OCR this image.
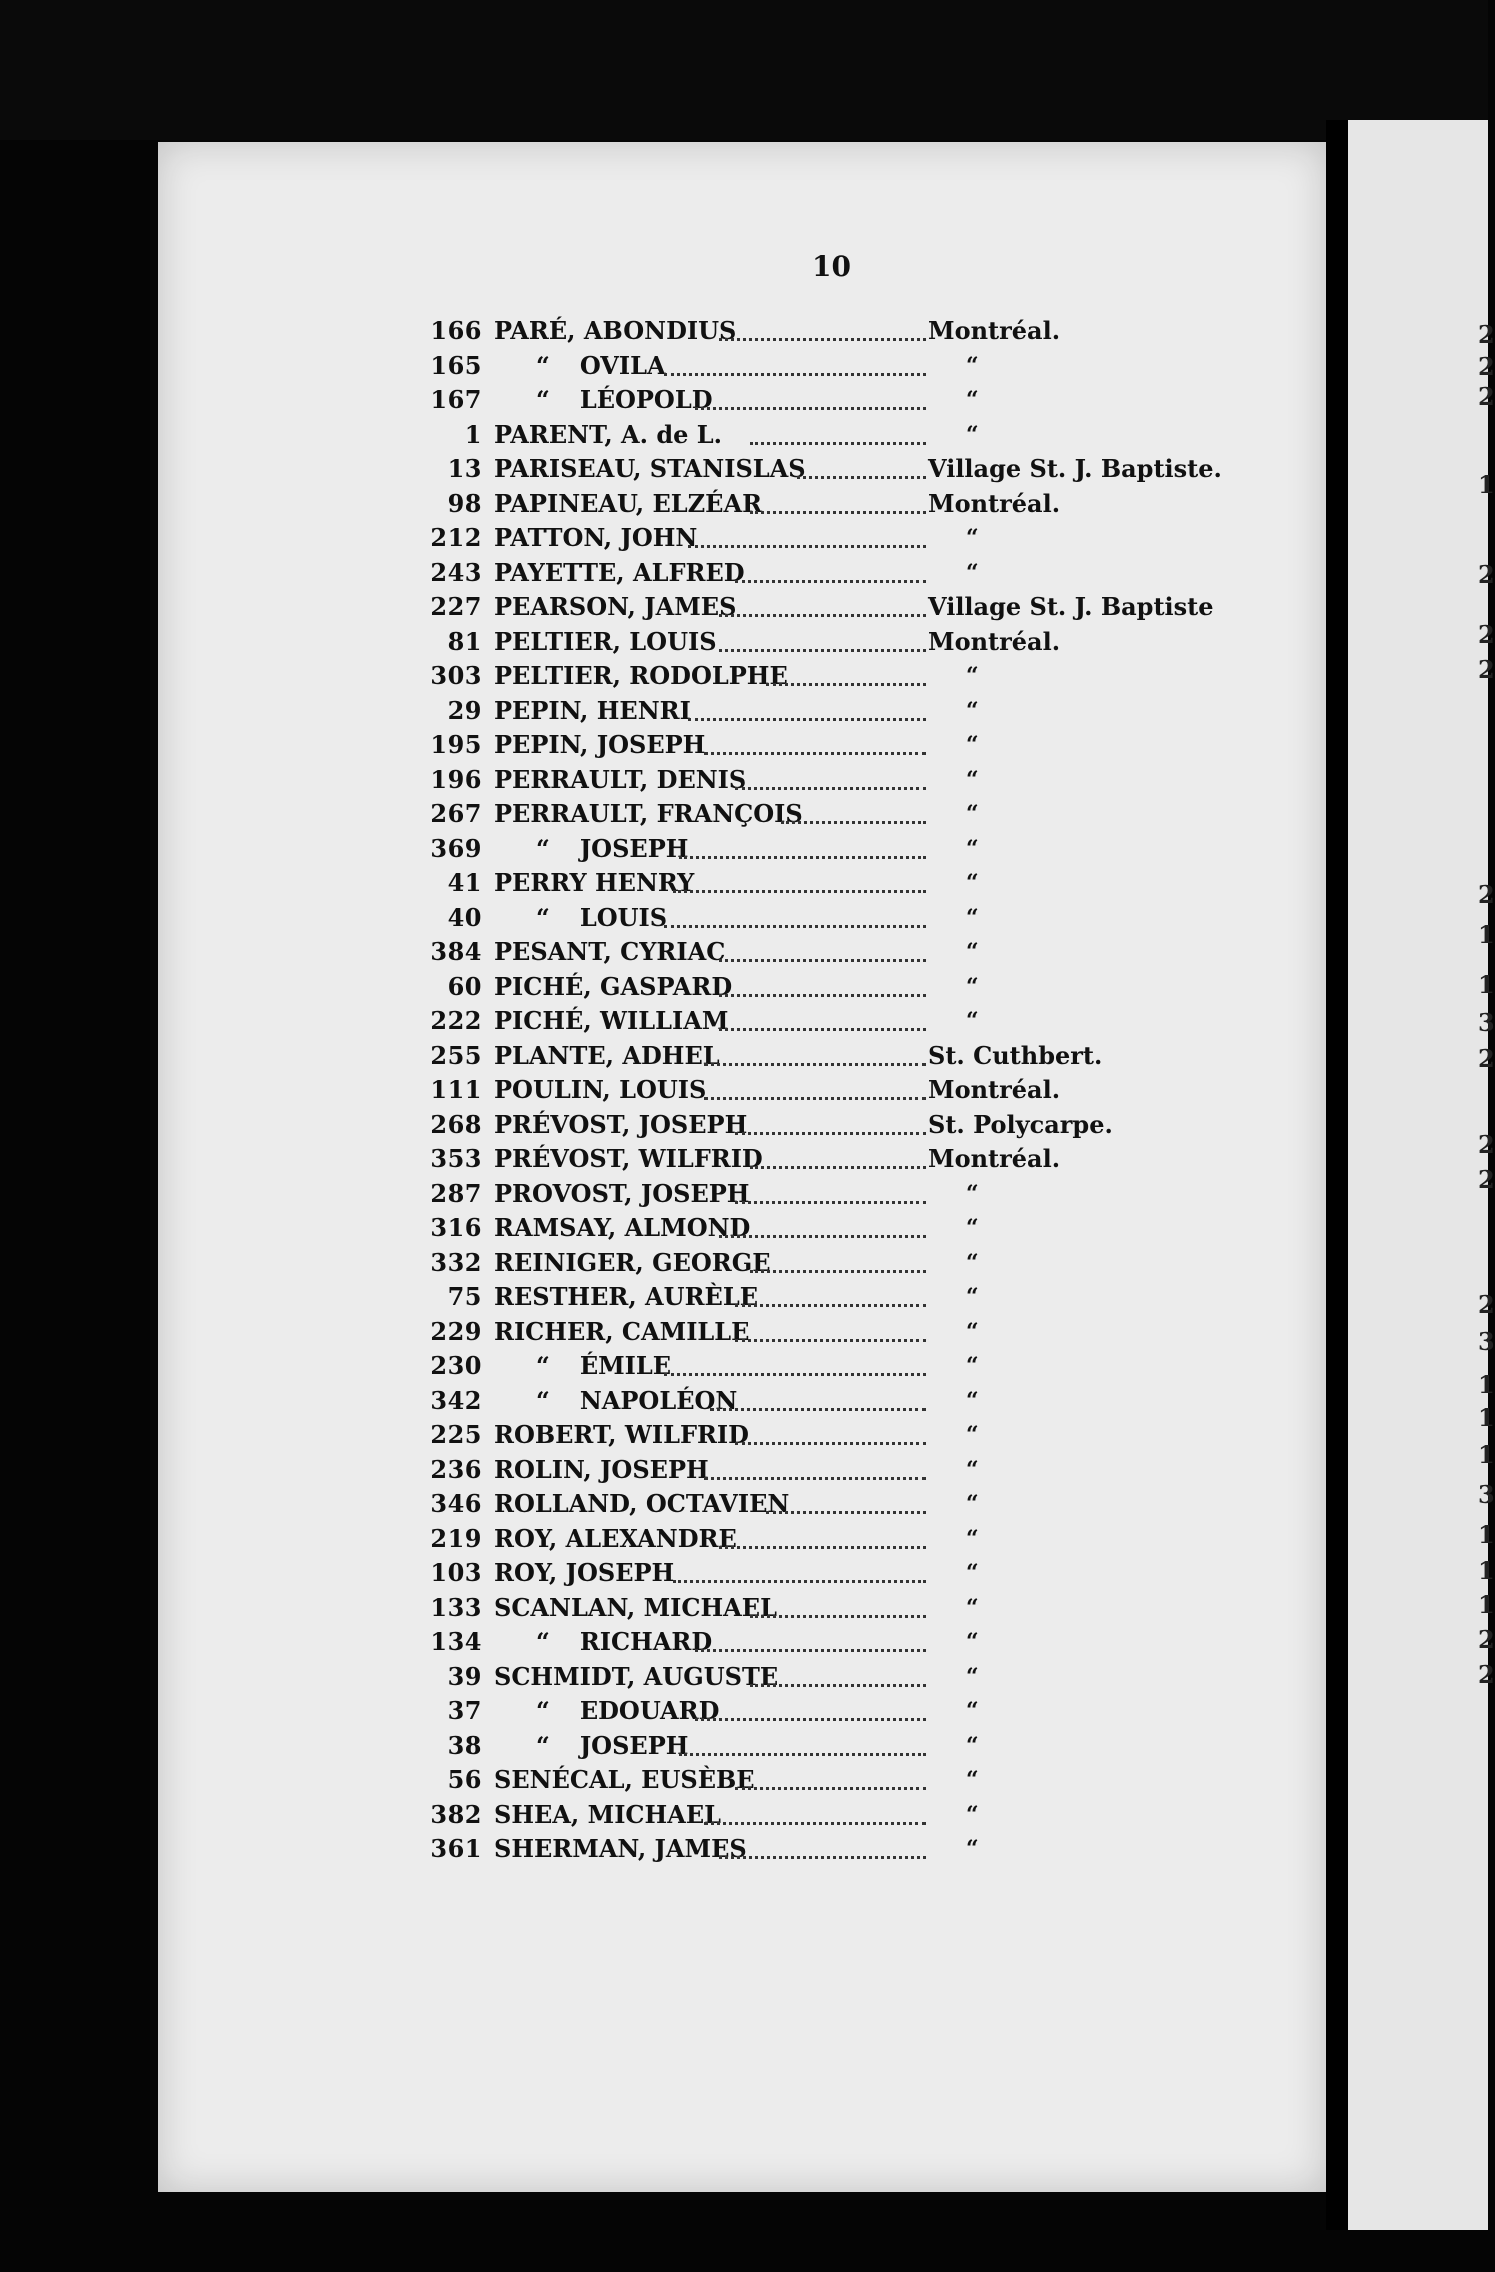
2
2
2
1
2
2
2
2
1
1
3
2
2
2
2
3
1
1
1
3
1
1
1
2
2
10
166 PARÉ, ABONDIUS	Montréal.
165 “ OVILA	“
167 “ LÉOPOLD	“
1 PARENT, A. de L.	“
13 PARISEAU, STANISLAS	Village St. J. Baptiste.
98 PAPINEAU, ELZÉAR	Montréal.
212 PATTON, JOHN	“
243 PAYETTE, ALFRED	“
227 PEARSON, JAMES	Village St. J. Baptiste
81 PELTIER, LOUIS	Montréal.
303 PELTIER, RODOLPHE	“
29 PEPIN, HENRI	“
195 PEPIN, JOSEPH	“
196 PERRAULT, DENIS	“
267 PERRAULT, FRANÇOIS	“
369 “ JOSEPH	“
41 PERRY HENRY	“
40 “ LOUIS	“
384 PESANT, CYRIAC	“
60 PICHÉ, GASPARD	“
222 PICHÉ, WILLIAM	“
255 PLANTE, ADHEL	St. Cuthbert.
111 POULIN, LOUIS	Montréal.
268 PRÉVOST, JOSEPH	St. Polycarpe.
353 PRÉVOST, WILFRID	Montréal.
287 PROVOST, JOSEPH	“
316 RAMSAY, ALMOND	“
332 REINIGER, GEORGE	“
75 RESTHER, AURÈLE	“
229 RICHER, CAMILLE	“
230 “ ÉMILE	“
342 “ NAPOLÉON	“
225 ROBERT, WILFRID	“
236 ROLIN, JOSEPH	“
346 ROLLAND, OCTAVIEN	“
219 ROY, ALEXANDRE	“
103 ROY, JOSEPH	“
133 SCANLAN, MICHAEL	“
134 “ RICHARD	“
39 SCHMIDT, AUGUSTE	“
37 “ EDOUARD	“
38 “ JOSEPH	“
56 SENÉCAL, EUSÈBE	“
382 SHEA, MICHAEL	“
361 SHERMAN, JAMES	“
